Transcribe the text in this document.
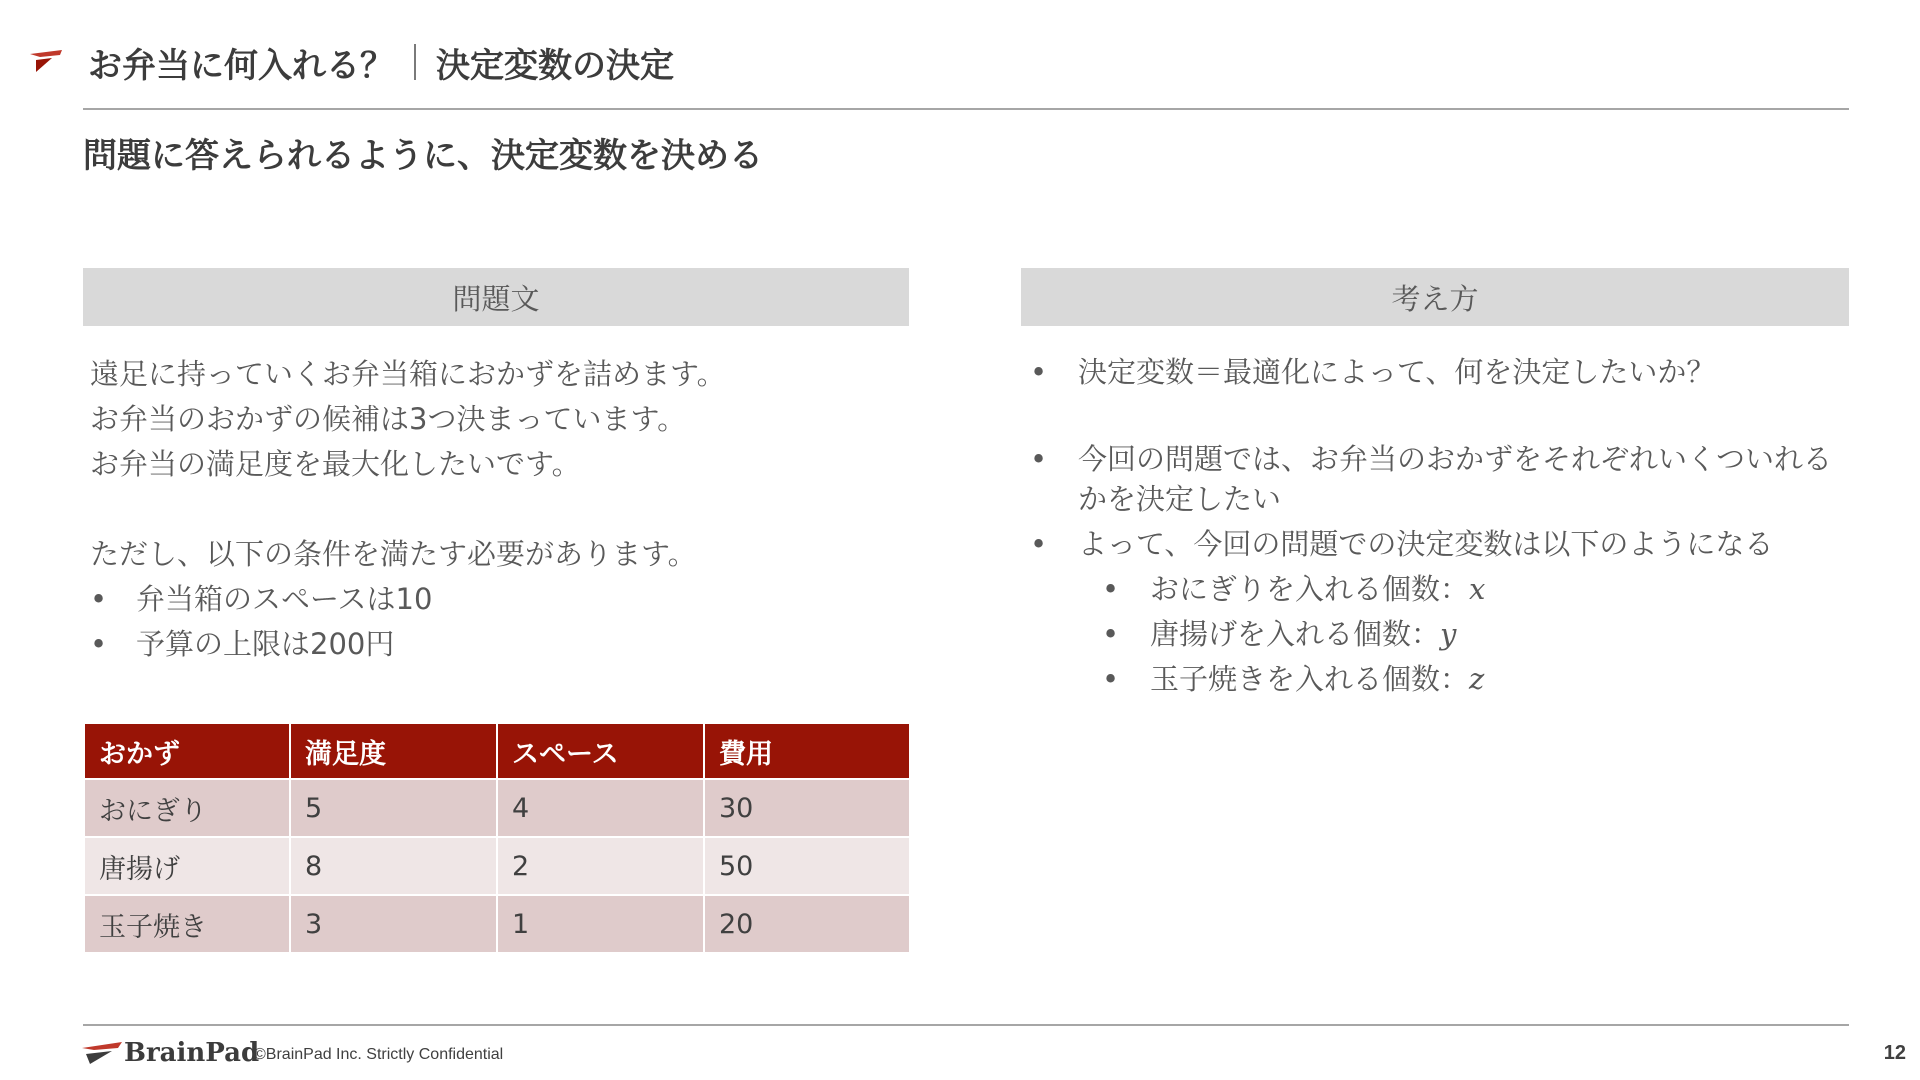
お弁当に何入れる？ 決定変数の決定
問題に答えられるように、決定変数を決める
問題文	考え方
遠足に持っていくお弁当箱におかずを詰めます。
お弁当のおかずの候補は3つ決まっています。
お弁当の満足度を最大化したいです。
ただし、以下の条件を満たす必要があります。
• 弁当箱のスペースは10
• 予算の上限は200円
おかず	満足度	スペース	費用
おにぎり	5	4	30
唐揚げ	8	2	50
玉子焼き	3	1	20
• 決定変数＝最適化によって、何を決定したいか？
• 今回の問題では、お弁当のおかずをそれぞれいくついれるかを決定したい
• よって、今回の問題での決定変数は以下のようになる
• おにぎりを入れる個数：x
• 唐揚げを入れる個数：y
• 玉子焼きを入れる個数：z
BrainPad
©BrainPad Inc. Strictly Confidential	12
